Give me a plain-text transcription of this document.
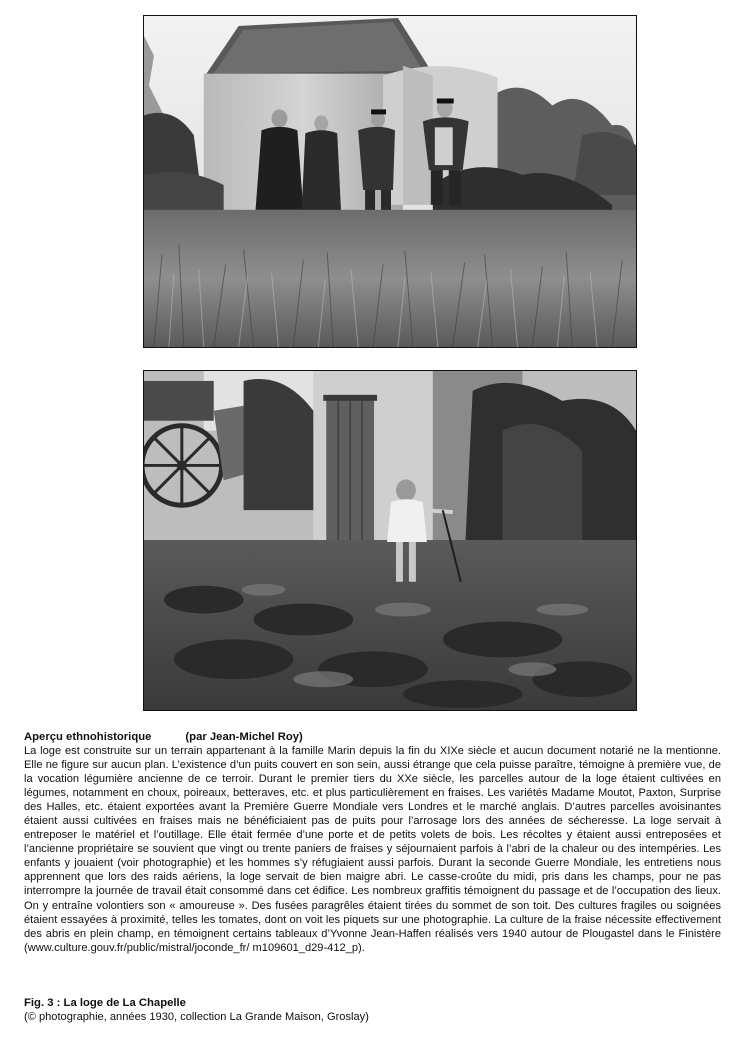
Aperçu ethnohistorique	(par Jean-Michel Roy)

La loge est construite sur un terrain appartenant à la famille Marin depuis la fin du XIXe siècle et aucun document notarié ne la mentionne. Elle ne figure sur aucun plan. L’existence d’un puits couvert en son sein, aussi étrange que cela puisse paraître, témoigne à première vue, de la vocation légumière ancienne de ce terroir. Durant le premier tiers du XXe siècle, les parcelles autour de la loge étaient cultivées en légumes, notamment en choux, poireaux, betteraves, etc. et plus particulièrement en fraises. Les variétés Madame Moutot, Paxton, Surprise des Halles, etc. étaient exportées avant la Première Guerre Mondiale vers Londres et le marché anglais. D’autres parcelles avoisinantes étaient aussi cultivées en fraises mais ne bénéficiaient pas de puits pour l’arrosage lors des années de sécheresse. La loge servait à entreposer le matériel et l’outillage. Elle était fermée d’une porte et de petits volets de bois. Les récoltes y étaient aussi entreposées et l’ancienne propriétaire se souvient que vingt ou trente paniers de fraises y séjournaient parfois à l’abri de la chaleur ou des intempéries. Les enfants y jouaient (voir photographie) et les hommes s’y réfugiaient aussi parfois. Durant la seconde Guerre Mondiale, les entretiens nous apprennent que lors des raids aériens, la loge servait de bien maigre abri. Le casse-croûte du midi, pris dans les champs, pour ne pas interrompre la journée de travail était consommé dans cet édifice. Les nombreux graffitis témoignent du passage et de l’occupation des lieux. On y entraîne volontiers son « amoureuse ». Des fusées paragrêles étaient tirées du sommet de son toit. Des cultures fragiles ou soignées étaient essayées à proximité, telles les tomates, dont on voit les piquets sur une photographie. La culture de la fraise nécessite effectivement des abris en plein champ, en témoignent certains tableaux d’Yvonne Jean-Haffen réalisés vers 1940 autour de Plougastel dans le Finistère (www.culture.gouv.fr/public/mistral/joconde_fr/ m109601_d29-412_p).

Fig. 3 : La loge de La Chapelle
(© photographie, années 1930, collection La Grande Maison, Groslay)
